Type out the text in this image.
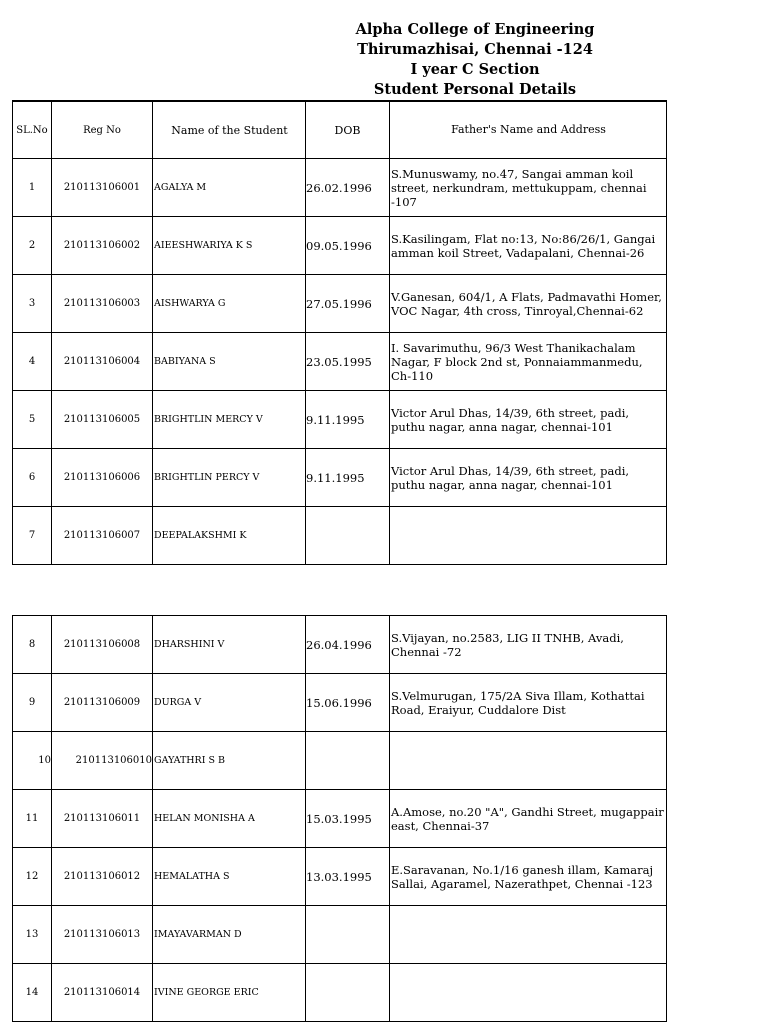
Alpha College of Engineering
Thirumazhisai, Chennai -124
I year C Section
Student Personal Details
SL.No	Reg No	Name of the Student	DOB	Father's Name and Address
1	210113106001	AGALYA M	26.02.1996	S.Munuswamy, no.47, Sangai amman koil street, nerkundram, mettukuppam, chennai -107
2	210113106002	AIEESHWARIYA K S	09.05.1996	S.Kasilingam, Flat no:13, No:86/26/1, Gangai amman koil Street, Vadapalani, Chennai-26
3	210113106003	AISHWARYA G	27.05.1996	V.Ganesan, 604/1, A Flats, Padmavathi Homer, VOC Nagar, 4th cross, Tinroyal,Chennai-62
4	210113106004	BABIYANA S	23.05.1995	I. Savarimuthu, 96/3 West Thanikachalam Nagar, F block 2nd st, Ponnaiammanmedu, Ch-110
5	210113106005	BRIGHTLIN MERCY V	9.11.1995	Victor Arul Dhas, 14/39, 6th street, padi, puthu nagar, anna nagar, chennai-101
6	210113106006	BRIGHTLIN PERCY V	9.11.1995	Victor Arul Dhas, 14/39, 6th street, padi, puthu nagar, anna nagar, chennai-101
7	210113106007	DEEPALAKSHMI K		
8	210113106008	DHARSHINI V	26.04.1996	S.Vijayan, no.2583, LIG II TNHB, Avadi, Chennai -72
9	210113106009	DURGA V	15.06.1996	S.Velmurugan, 175/2A Siva Illam, Kothattai Road, Eraiyur, Cuddalore Dist
10	210113106010	GAYATHRI S B		
11	210113106011	HELAN MONISHA A	15.03.1995	A.Amose, no.20 "A", Gandhi Street, mugappair east, Chennai-37
12	210113106012	HEMALATHA S	13.03.1995	E.Saravanan, No.1/16 ganesh illam, Kamaraj Sallai, Agaramel, Nazerathpet, Chennai -123
13	210113106013	IMAYAVARMAN D		
14	210113106014	IVINE GEORGE ERIC		
